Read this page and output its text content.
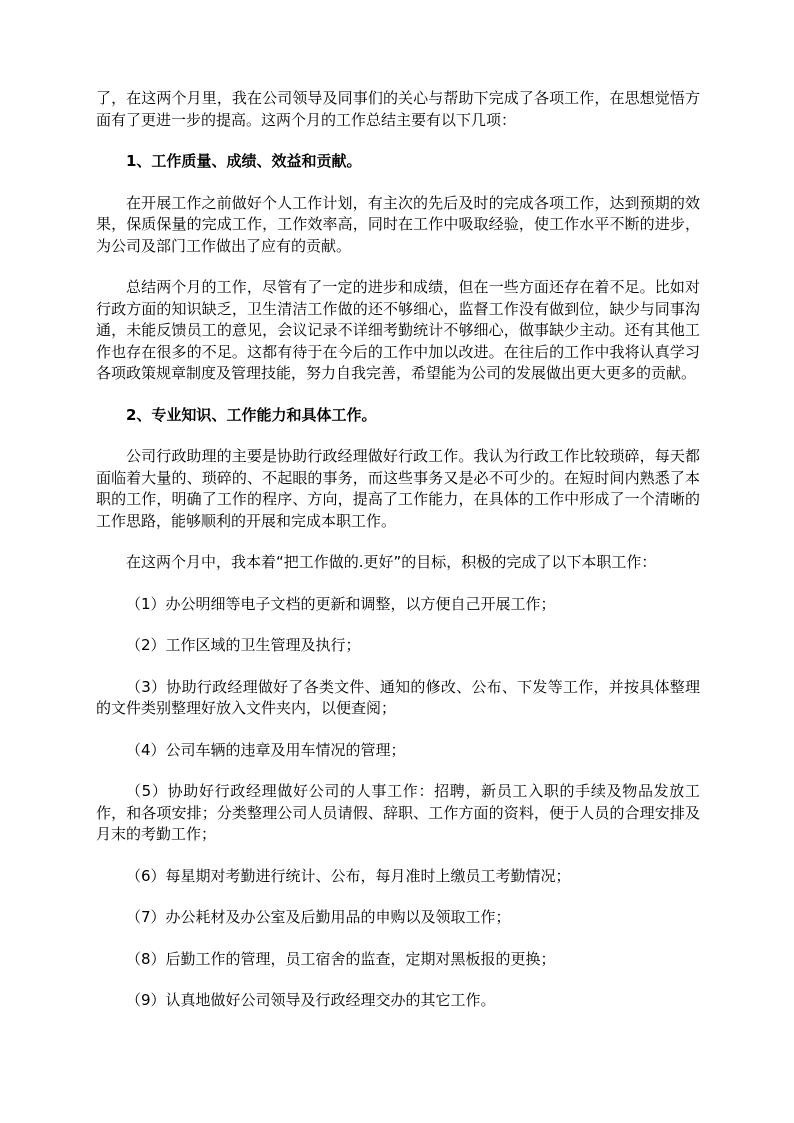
了，在这两个月里，我在公司领导及同事们的关心与帮助下完成了各项工作，在思想觉悟方面有了更进一步的提高。这两个月的工作总结主要有以下几项：

1、工作质量、成绩、效益和贡献。

在开展工作之前做好个人工作计划，有主次的先后及时的完成各项工作，达到预期的效果，保质保量的完成工作，工作效率高，同时在工作中吸取经验，使工作水平不断的进步，为公司及部门工作做出了应有的贡献。

总结两个月的工作，尽管有了一定的进步和成绩，但在一些方面还存在着不足。比如对行政方面的知识缺乏，卫生清洁工作做的还不够细心，监督工作没有做到位，缺少与同事沟通，未能反馈员工的意见，会议记录不详细考勤统计不够细心，做事缺少主动。还有其他工作也存在很多的不足。这都有待于在今后的工作中加以改进。在往后的工作中我将认真学习各项政策规章制度及管理技能，努力自我完善，希望能为公司的发展做出更大更多的贡献。

2、专业知识、工作能力和具体工作。

公司行政助理的主要是协助行政经理做好行政工作。我认为行政工作比较琐碎，每天都面临着大量的、琐碎的、不起眼的事务，而这些事务又是必不可少的。在短时间内熟悉了本职的工作，明确了工作的程序、方向，提高了工作能力，在具体的工作中形成了一个清晰的工作思路，能够顺利的开展和完成本职工作。

在这两个月中，我本着“把工作做的.更好”的目标，积极的完成了以下本职工作：

（1）办公明细等电子文档的更新和调整，以方便自己开展工作；

（2）工作区域的卫生管理及执行；

（3）协助行政经理做好了各类文件、通知的修改、公布、下发等工作，并按具体整理的文件类别整理好放入文件夹内，以便查阅；

（4）公司车辆的违章及用车情况的管理；

（5）协助好行政经理做好公司的人事工作：招聘，新员工入职的手续及物品发放工作，和各项安排；分类整理公司人员请假、辞职、工作方面的资料，便于人员的合理安排及月末的考勤工作；

（6）每星期对考勤进行统计、公布，每月准时上缴员工考勤情况；

（7）办公耗材及办公室及后勤用品的申购以及领取工作；

（8）后勤工作的管理，员工宿舍的监查，定期对黑板报的更换；

（9）认真地做好公司领导及行政经理交办的其它工作。
